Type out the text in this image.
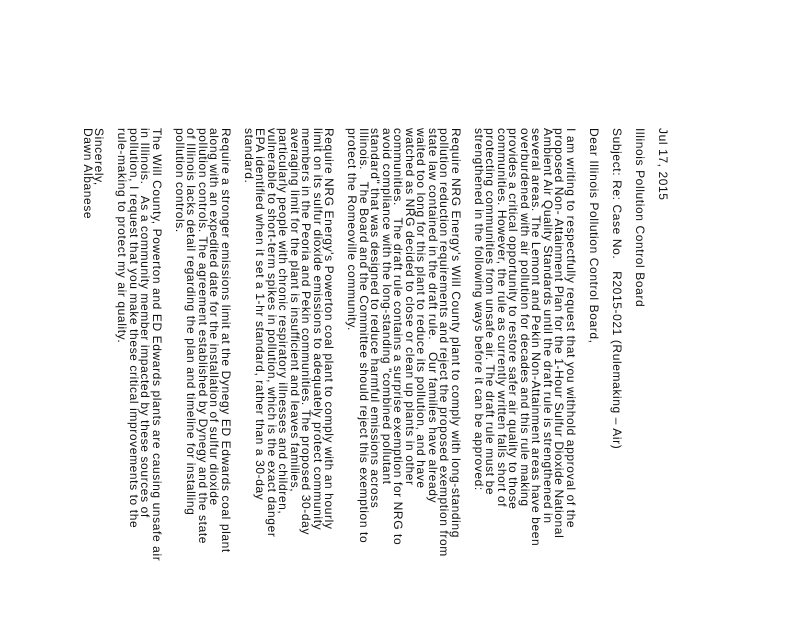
Jul 17, 2015
Illinois Pollution Control Board
Subject: Re: Case No.   R2015-021 (Rulemaking – Air)
Dear Illinois Pollution Control Board,
I am writing to respectfully request that you withhold approval of the
proposed Non- Attainment Plan for the 1-Hour Sulfur Dioxide National
Ambient Air Quality Standards until the draft rule is strengthened in
several areas. The Lemont and Pekin Non-Attainment areas have been
overburdened with air pollution for decades and this rule making
provides a critical opportunity to restore safer air quality to those
communities. However, the rule as currently written falls short of
protecting communities from unsafe air. The draft rule must be
strengthened in the following ways before it can be approved:
Require NRG Energy's Will County plant to comply with long-standing
pollution reduction requirements and reject the proposed exemption from
state law contained in the draft rule.   Our families have already
waited too long for this plant to reduce its pollution, and have
watched as NRG decided to close or clean up plants in other
communities.   The draft rule contains a surprise exemption for NRG to
avoid compliance with the long-standing "combined pollutant
standard" that was designed to reduce harmful emissions across
Illinois.   The Board and the Committee should reject this exemption to
protect the Romeoville community.
Require NRG Energy's Powerton coal plant to comply with an hourly
limit on its sulfur dioxide emissions to adequately protect community
members in the Peoria and Pekin communities. The proposed 30-day
averaging limit for the plant is insufficient and leaves families,
particularly people with chronic respiratory illnesses and children,
vulnerable to short-term spikes in pollution, which is the exact danger
EPA identified when it set a 1-hr standard, rather than a 30-day
standard.
Require a stronger emissions limit at the Dynegy ED Edwards coal plant
along with an expedited date for the installation of sulfur dioxide
pollution controls. The agreement established by Dynegy and the state
of Illinois lacks detail regarding the plan and timeline for installing
pollution controls.
The Will County, Powerton and ED Edwards plants are causing unsafe air
in Illinois.   As a community member impacted by these sources of
pollution, I request that you make these critical improvements to the
rule-making to protect my air quality.
Sincerely,
Dawn Albanese
